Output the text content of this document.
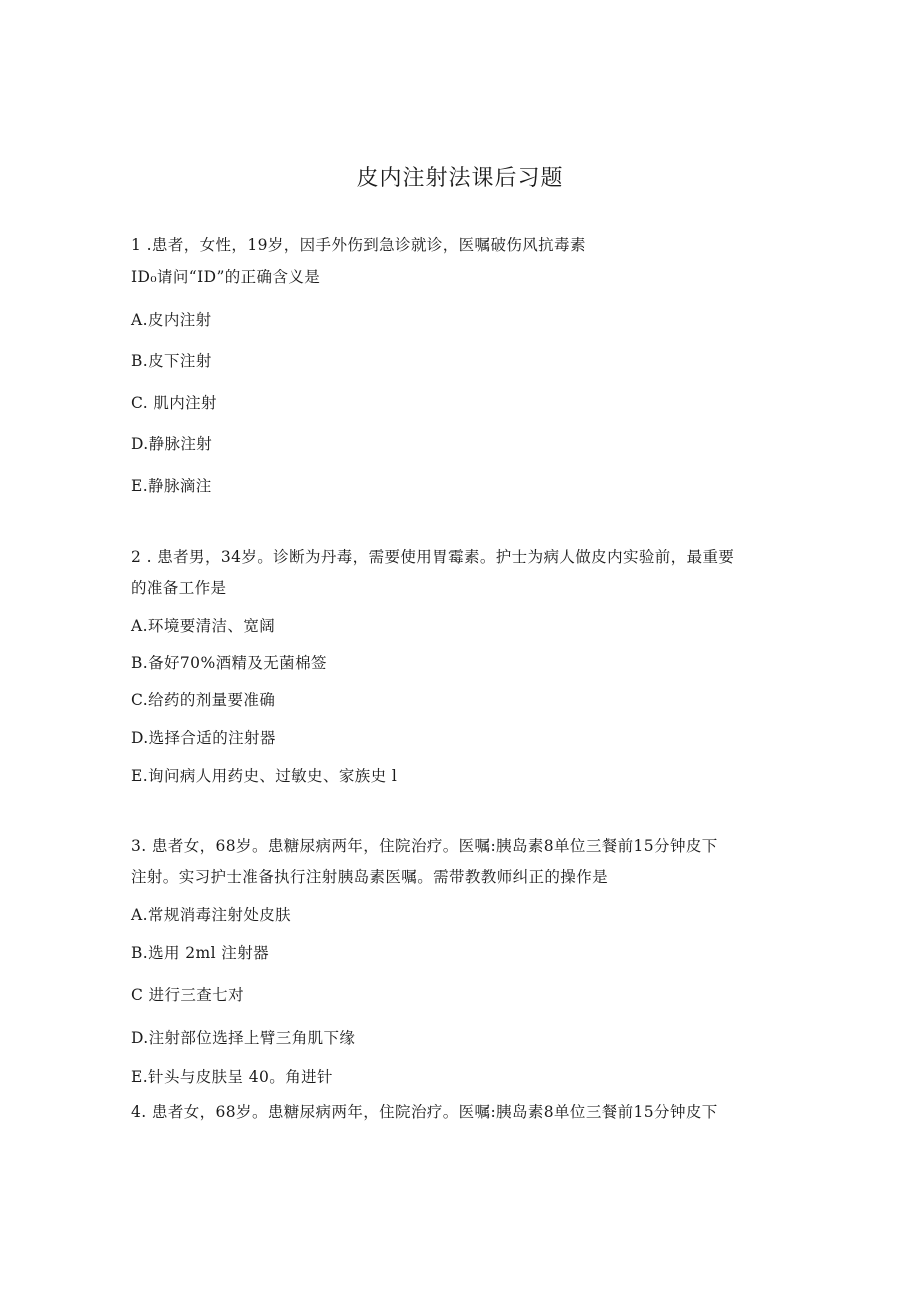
皮内注射法课后习题
1 .患者，女性，19岁，因手外伤到急诊就诊，医嘱破伤风抗毒素
ID₀请问“ID”的正确含义是
A.皮内注射
B.皮下注射
C. 肌内注射
D.静脉注射
E.静脉滴注
2 . 患者男，34岁。诊断为丹毒，需要使用胃霉素。护士为病人做皮内实验前，最重要
的准备工作是
A.环境要清洁、宽阔
B.备好70%酒精及无菌棉签
C.给药的剂量要准确
D.选择合适的注射器
E.询问病人用药史、过敏史、家族史 l
3. 患者女，68岁。患糖尿病两年，住院治疗。医嘱:胰岛素8单位三餐前15分钟皮下
注射。实习护士准备执行注射胰岛素医嘱。需带教教师纠正的操作是
A.常规消毒注射处皮肤
B.选用 2ml 注射器
C 进行三查七对
D.注射部位选择上臂三角肌下缘
E.针头与皮肤呈 40。角进针
4. 患者女，68岁。患糖尿病两年，住院治疗。医嘱:胰岛素8单位三餐前15分钟皮下
